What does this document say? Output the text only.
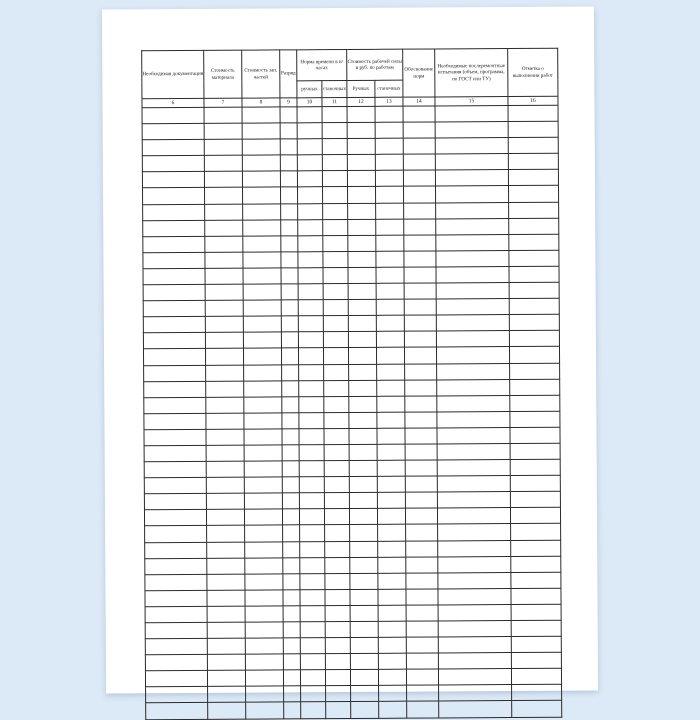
Необходимая документация	Стоимость материала	Стоимость зап. частей	Разряд	Норма времени в н/часах		Стоимость рабочей силы в руб. по работам		Обоснование норм	Необходимые послеремонтные испытания (объем, программа, по ГОСТ или ТУ)	Отметка о выполнении работ
				ручных	станочных	Ручных	станочных			
6	7	8	9	10	11	12	13	14	15	16
